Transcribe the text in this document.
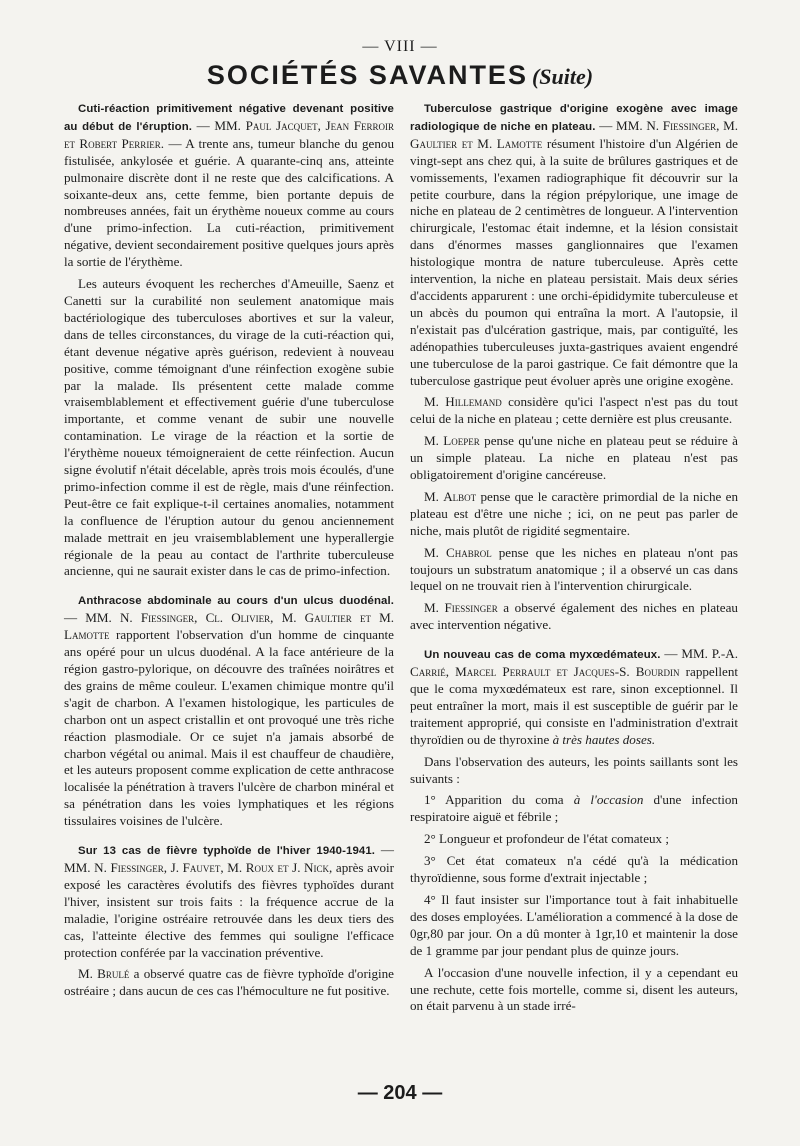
— VIII —
SOCIÉTÉS SAVANTES (Suite)

Cuti-réaction primitivement négative devenant positive au début de l'éruption. — MM. Paul Jacquet, Jean Ferroir et Robert Perrier. — A trente ans, tumeur blanche du genou fistulisée, ankylosée et guérie. A quarante-cinq ans, atteinte pulmonaire discrète dont il ne reste que des calcifications. A soixante-deux ans, cette femme, bien portante depuis de nombreuses années, fait un érythème noueux comme au cours d'une primo-infection. La cuti-réaction, primitivement négative, devient secondairement positive quelques jours après la sortie de l'érythème.

Les auteurs évoquent les recherches d'Ameuille, Saenz et Canetti sur la curabilité non seulement anatomique mais bactériologique des tuberculoses abortives et sur la valeur, dans de telles circonstances, du virage de la cuti-réaction qui, étant devenue négative après guérison, redevient à nouveau positive, comme témoignant d'une réinfection exogène subie par la malade. Ils présentent cette malade comme vraisemblablement et effectivement guérie d'une tuberculose importante, et comme venant de subir une nouvelle contamination. Le virage de la réaction et la sortie de l'érythème noueux témoigneraient de cette réinfection. Aucun signe évolutif n'était décelable, après trois mois écoulés, d'une primo-infection comme il est de règle, mais d'une réinfection. Peut-être ce fait explique-t-il certaines anomalies, notamment la confluence de l'éruption autour du genou anciennement malade mettrait en jeu vraisemblablement une hyperallergie régionale de la peau au contact de l'arthrite tuberculeuse ancienne, qui ne saurait exister dans le cas de primo-infection.

Anthracose abdominale au cours d'un ulcus duodénal. — MM. N. Fiessinger, Cl. Olivier, M. Gaultier et M. Lamotte rapportent l'observation d'un homme de cinquante ans opéré pour un ulcus duodénal. A la face antérieure de la région gastro-pylorique, on découvre des traînées noirâtres et des grains de même couleur. L'examen chimique montre qu'il s'agit de charbon. A l'examen histologique, les particules de charbon ont un aspect cristallin et ont provoqué une très riche réaction plasmodiale. Or ce sujet n'a jamais absorbé de charbon végétal ou animal. Mais il est chauffeur de chaudière, et les auteurs proposent comme explication de cette anthracose localisée la pénétration à travers l'ulcère de charbon minéral et sa pénétration dans les voies lymphatiques et les régions tissulaires voisines de l'ulcère.

Sur 13 cas de fièvre typhoïde de l'hiver 1940-1941. — MM. N. Fiessinger, J. Fauvet, M. Roux et J. Nick, après avoir exposé les caractères évolutifs des fièvres typhoïdes durant l'hiver, insistent sur trois faits : la fréquence accrue de la maladie, l'origine ostréaire retrouvée dans les deux tiers des cas, l'atteinte élective des femmes qui souligne l'efficace protection conférée par la vaccination préventive.

M. Brulé a observé quatre cas de fièvre typhoïde d'origine ostréaire ; dans aucun de ces cas l'hémoculture ne fut positive.

Tuberculose gastrique d'origine exogène avec image radiologique de niche en plateau. — MM. N. Fiessinger, M. Gaultier et M. Lamotte résument l'histoire d'un Algérien de vingt-sept ans chez qui, à la suite de brûlures gastriques et de vomissements, l'examen radiographique fit découvrir sur la petite courbure, dans la région prépylorique, une image de niche en plateau de 2 centimètres de longueur. A l'intervention chirurgicale, l'estomac était indemne, et la lésion consistait dans d'énormes masses ganglionnaires que l'examen histologique montra de nature tuberculeuse. Après cette intervention, la niche en plateau persistait. Mais deux séries d'accidents apparurent : une orchi-épididymite tuberculeuse et un abcès du poumon qui entraîna la mort. A l'autopsie, il n'existait pas d'ulcération gastrique, mais, par contiguïté, les adénopathies tuberculeuses juxta-gastriques avaient engendré une tuberculose de la paroi gastrique. Ce fait démontre que la tuberculose gastrique peut évoluer après une origine exogène.

M. Hillemand considère qu'ici l'aspect n'est pas du tout celui de la niche en plateau ; cette dernière est plus creusante.

M. Loeper pense qu'une niche en plateau peut se réduire à un simple plateau. La niche en plateau n'est pas obligatoirement d'origine cancéreuse.

M. Albot pense que le caractère primordial de la niche en plateau est d'être une niche ; ici, on ne peut pas parler de niche, mais plutôt de rigidité segmentaire.

M. Chabrol pense que les niches en plateau n'ont pas toujours un substratum anatomique ; il a observé un cas dans lequel on ne trouvait rien à l'intervention chirurgicale.

M. Fiessinger a observé également des niches en plateau avec intervention négative.

Un nouveau cas de coma myxœdémateux. — MM. P.-A. Carrié, Marcel Perrault et Jacques-S. Bourdin rappellent que le coma myxœdémateux est rare, sinon exceptionnel. Il peut entraîner la mort, mais il est susceptible de guérir par le traitement approprié, qui consiste en l'administration d'extrait thyroïdien ou de thyroxine à très hautes doses.

Dans l'observation des auteurs, les points saillants sont les suivants :

1° Apparition du coma à l'occasion d'une infection respiratoire aiguë et fébrile ;

2° Longueur et profondeur de l'état comateux ;

3° Cet état comateux n'a cédé qu'à la médication thyroïdienne, sous forme d'extrait injectable ;

4° Il faut insister sur l'importance tout à fait inhabituelle des doses employées. L'amélioration a commencé à la dose de 0gr,80 par jour. On a dû monter à 1gr,10 et maintenir la dose de 1 gramme par jour pendant plus de quinze jours.

A l'occasion d'une nouvelle infection, il y a cependant eu une rechute, cette fois mortelle, comme si, disent les auteurs, on était parvenu à un stade irré-

— 204 —
